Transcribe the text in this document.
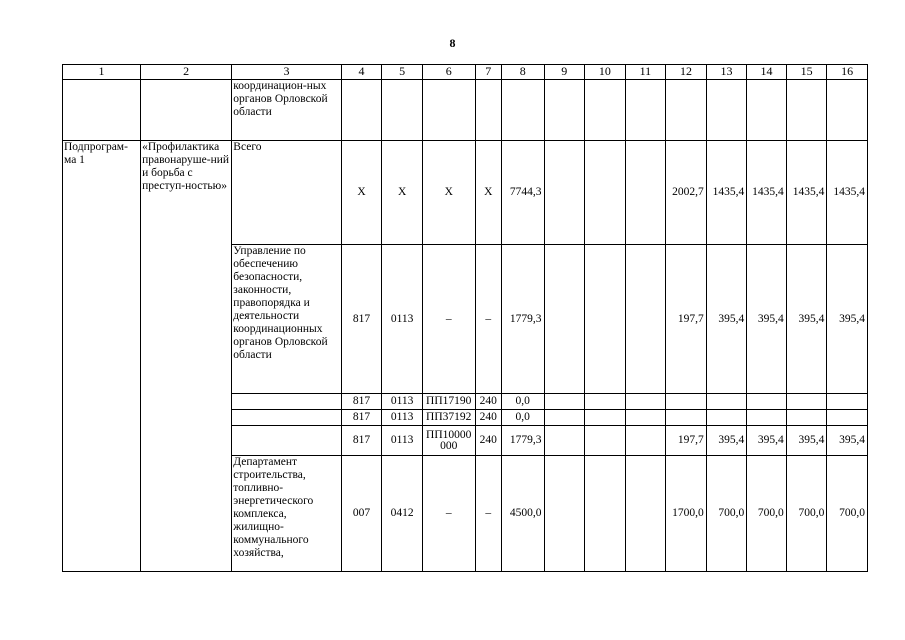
8
1	2	3	4	5	6	7	8	9	10	11	12	13	14	15	16
		координацион-ных органов Орловской области													
Подпрограм-ма 1	«Профилактика правонаруше-ний и борьба с преступ-ностью»	Всего	Х	Х	Х	Х	7744,3				2002,7	1435,4	1435,4	1435,4	1435,4
		Управление по обеспечению безопасности, законности, правопорядка и деятельности координационных органов Орловской области	817	0113	–	–	1779,3				197,7	395,4	395,4	395,4	395,4
			817	0113	ПП17190	240	0,0								
			817	0113	ПП37192	240	0,0								
			817	0113	ПП10000 000	240	1779,3				197,7	395,4	395,4	395,4	395,4
		Департамент строительства, топливно-энергетического комплекса, жилищно-коммунального хозяйства,	007	0412	–	–	4500,0				1700,0	700,0	700,0	700,0	700,0
